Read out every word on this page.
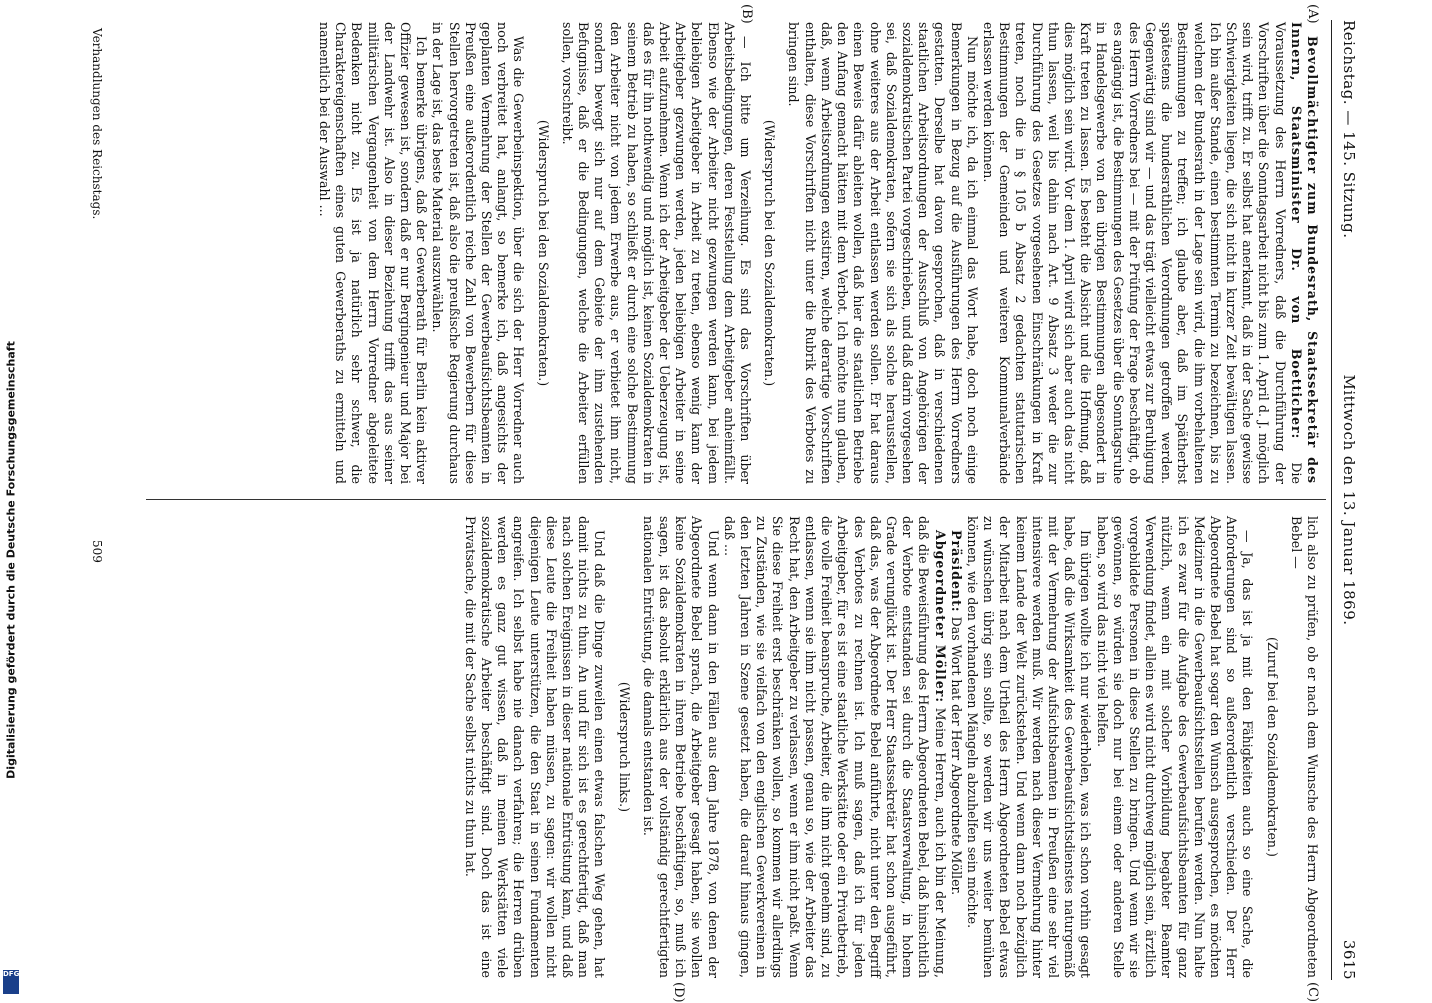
Digitalisierung gefördert durch die Deutsche Forschungsgemeinschaft
DFG
Reichstag. — 145. Sitzung.
Mittwoch den 13. Januar 1869.
3615
(A)
(B)
(C)
(D)

Bevollmächtigter zum Bundesrath, Staatssekretär des Innern, Staatsminister Dr. von Boetticher: Die Voraussetzung des Herrn Vorredners, daß die Durchführung der Vorschriften über die Sonntagsarbeit nicht bis zum 1. April d. J. möglich sein wird, trifft zu. Er selbst hat anerkannt, daß in der Sache gewisse Schwierigkeiten liegen, die sich nicht in kurzer Zeit bewältigen lassen. Ich bin außer Stande, einen bestimmten Termin zu bezeichnen, bis zu welchem der Bundesrath in der Lage sein wird, die ihm vorbehaltenen Bestimmungen zu treffen; ich glaube aber, daß im Spätherbst spätestens die bundesrathlichen Verordnungen getroffen werden. Gegenwärtig sind wir — und das trägt vielleicht etwas zur Beruhigung des Herrn Vorredners bei — mit der Prüfung der Frage beschäftigt, ob es angängig ist, die Bestimmungen des Gesetzes über die Sonntagsruhe in Handelsgewerbe von den übrigen Bestimmungen abgesondert in Kraft treten zu lassen. Es besteht die Absicht und die Hoffnung, daß dies möglich sein wird. Vor dem 1. April wird sich aber auch das nicht thun lassen, weil bis dahin nach Art. 9 Absatz 3 weder die zur Durchführung des Gesetzes vorgesehenen Einschränkungen in Kraft treten, noch die in § 105 b Absatz 2 gedachten statutarischen Bestimmungen der Gemeinden und weiteren Kommunalverbände erlassen werden können.

Nun möchte ich, da ich einmal das Wort habe, doch noch einige Bemerkungen in Bezug auf die Ausführungen des Herrn Vorredners gestatten. Derselbe hat davon gesprochen, daß in verschiedenen staatlichen Arbeitsordnungen der Ausschluß von Angehörigen der sozialdemokratischen Partei vorgeschrieben, und daß darin vorgesehen sei, daß Sozialdemokraten, sofern sie sich als solche herausstellen, ohne weiteres aus der Arbeit entlassen werden sollen. Er hat daraus einen Beweis dafür ableiten wollen, daß hier die staatlichen Betriebe den Anfang gemacht hätten mit dem Verbot. Ich möchte nun glauben, daß, wenn Arbeitsordnungen existiren, welche derartige Vorschriften enthalten, diese Vorschriften nicht unter die Rubrik des Verbotes zu bringen sind.

(Widerspruch bei den Sozialdemokraten.)

— Ich bitte um Verzeihung. Es sind das Vorschriften über Arbeitsbedingungen, deren Feststellung dem Arbeitgeber anheimfällt. Ebenso wie der Arbeiter nicht gezwungen werden kann, bei jedem beliebigen Arbeitgeber in Arbeit zu treten, ebenso wenig kann der Arbeitgeber gezwungen werden, jeden beliebigen Arbeiter in seine Arbeit aufzunehmen. Wenn ich der Arbeitgeber der Ueberzeugung ist, daß es für ihn nothwendig und möglich ist, keinen Sozialdemokraten in seinem Betrieb zu haben, so schließt er durch eine solche Bestimmung den Arbeiter nicht von jedem Erwerbe aus, er verbietet ihm nicht, sondern bewegt sich nur auf dem Gebiete der ihm zustehenden Befugnisse, daß er die Bedingungen, welche die Arbeiter erfüllen sollen, vorschreibt.

(Widerspruch bei den Sozialdemokraten.)

Was die Gewerbeinspektion, über die sich der Herr Vorredner auch noch verbreitet hat, anlangt, so bemerke ich, daß angesichts der geplanten Vermehrung der Stellen der Gewerbeaufsichtsbeamten in Preußen eine außerordentlich reiche Zahl von Bewerbern für diese Stellen hervorgetreten ist, daß also die preußische Regierung durchaus in der Lage ist, das beste Material auszuwählen.

Ich bemerke übrigens, daß der Gewerberath für Berlin kein aktiver Offizier gewesen ist, sondern daß er nur Bergingenieur und Major bei der Landwehr ist. Also in dieser Beziehung trifft das aus seiner militärischen Vergangenheit von dem Herrn Vorredner abgeleitete Bedenken nicht zu. Es ist ja natürlich sehr schwer, die Charaktereigenschaften eines guten Gewerberaths zu ermitteln und namentlich bei der Auswahl ...

lich also zu prüfen, ob er nach dem Wunsche des Herrn Abgeordneten Bebel —

(Zuruf bei den Sozialdemokraten.)

— Ja, das ist ja mit den Fähigkeiten auch so eine Sache, die Anforderungen sind so außerordentlich verschieden. Der Herr Abgeordnete Bebel hat sogar den Wunsch ausgesprochen, es möchten Mediziner in die Gewerbeaufsichtsstellen berufen werden. Nun halte ich es zwar für die Aufgabe des Gewerbeaufsichtsbeamten für ganz nützlich, wenn ein mit solcher Vorbildung begabter Beamter Verwendung findet, allein es wird nicht durchweg möglich sein, ärztlich vorgebildete Personen in diese Stellen zu bringen. Und wenn wir sie gewönnen, so würden sie doch nur bei einem oder anderen Stelle haben, so wird das nicht viel helfen.

Im übrigen wollte ich nur wiederholen, was ich schon vorhin gesagt habe, daß die Wirksamkeit des Gewerbeaufsichtsdienstes naturgemäß mit der Vermehrung der Aufsichtsbeamten in Preußen eine sehr viel intensivere werden muß. Wir werden nach dieser Vermehrung hinter keinem Lande der Welt zurückstehen. Und wenn dann noch bezüglich der Mitarbeit nach dem Urtheil des Herrn Abgeordneten Bebel etwas zu wünschen übrig sein sollte, so werden wir uns weiter bemühen können, wie den vorhandenen Mängeln abzuhelfen sein möchte.

Präsident: Das Wort hat der Herr Abgeordnete Möller.

Abgeordneter Möller: Meine Herren, auch ich bin der Meinung, daß die Beweisführung des Herrn Abgeordneten Bebel, daß hinsichtlich der Verbote entstanden sei durch die Staatsverwaltung, in hohem Grade verunglückt ist. Der Herr Staatssekretär hat schon ausgeführt, daß das, was der Abgeordnete Bebel anführte, nicht unter den Begriff des Verbotes zu rechnen ist. Ich muß sagen, daß ich für jeden Arbeitgeber, für es ist eine staatliche Werkstätte oder ein Privatbetrieb, die volle Freiheit beanspruche, Arbeiter, die ihm nicht genehm sind, zu entlassen, wenn sie ihm nicht passen, genau so, wie der Arbeiter das Recht hat, den Arbeitgeber zu verlassen, wenn er ihm nicht paßt. Wenn Sie diese Freiheit erst beschränken wollen, so kommen wir allerdings zu Zuständen, wie sie vielfach von den englischen Gewerkvereinen in den letzten Jahren in Szene gesetzt haben, die darauf hinaus gingen, daß ...

Und wenn dann in den Fällen aus dem Jahre 1878, von denen der Abgeordnete Bebel sprach, die Arbeitgeber gesagt haben, sie wollen keine Sozialdemokraten in ihrem Betriebe beschäftigen, so, muß ich sagen, ist das absolut erklärlich aus der vollständig gerechtfertigten nationalen Entrüstung, die damals entstanden ist.

(Widerspruch links.)

Und daß die Dinge zuweilen einen etwas falschen Weg gehen, hat damit nichts zu thun. An und für sich ist es gerechtfertigt, daß man nach solchen Ereignissen in dieser nationale Entrüstung kam, und daß diese Leute die Freiheit haben müssen, zu sagen: wir wollen nicht diejenigen Leute unterstützen, die den Staat in seinen Fundamenten angreifen. Ich selbst habe nie danach verfahren; die Herren drüben werden es ganz gut wissen, daß in meinen Werkstätten viele sozialdemokratische Arbeiter beschäftigt sind. Doch das ist eine Privatsache, die mit der Sache selbst nichts zu thun hat.

Verhandlungen des Reichstags.
509
